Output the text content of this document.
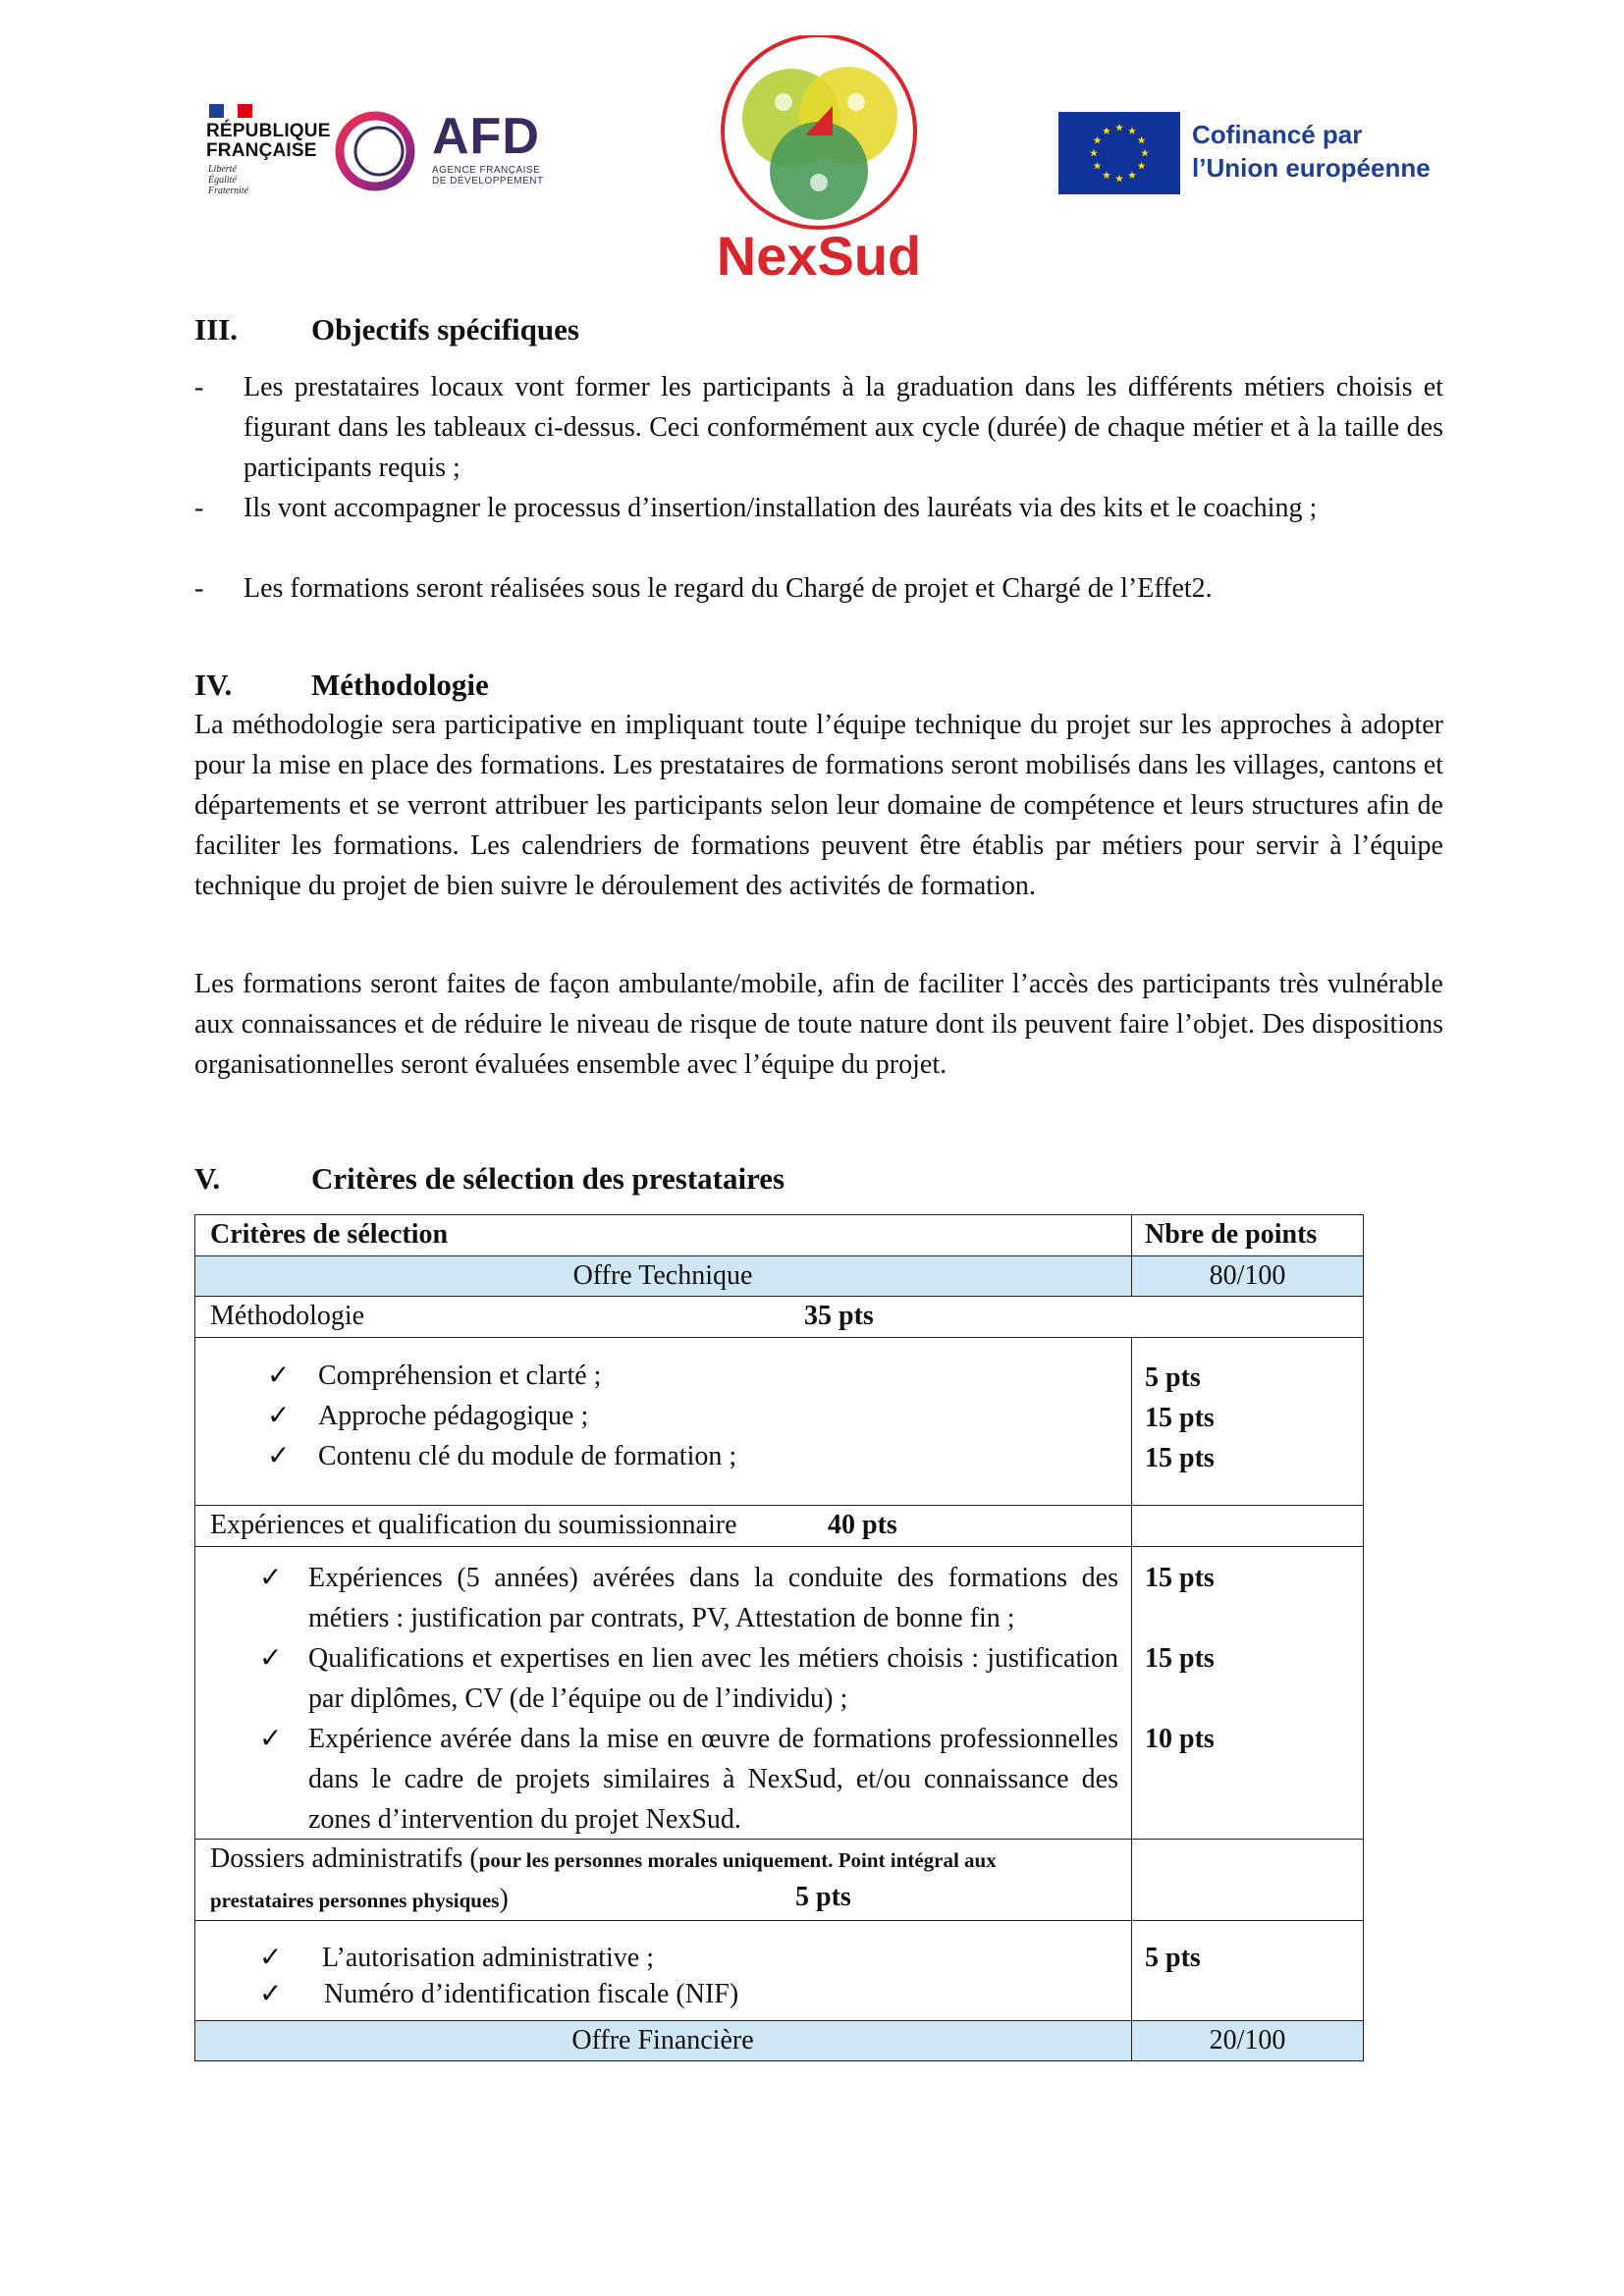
RÉPUBLIQUE
FRANÇAISE
Liberté
Égalité
Fraternité
AFD
AGENCE FRANÇAISE
DE DÉVELOPPEMENT
NexSud
Cofinancé par
l’Union européenne
III. Objectifs spécifiques
- Les prestataires locaux vont former les participants à la graduation dans les différents métiers choisis et figurant dans les tableaux ci-dessus. Ceci conformément aux cycle (durée) de chaque métier et à la taille des participants requis ;
- Ils vont accompagner le processus d’insertion/installation des lauréats via des kits et le coaching ;
- Les formations seront réalisées sous le regard du Chargé de projet et Chargé de l’Effet2.
IV.	Méthodologie
La méthodologie sera participative en impliquant toute l’équipe technique du projet sur les approches à adopter pour la mise en place des formations. Les prestataires de formations seront mobilisés dans les villages, cantons et départements et se verront attribuer les participants selon leur domaine de compétence et leurs structures afin de faciliter les formations. Les calendriers de formations peuvent être établis par métiers pour servir à l’équipe technique du projet de bien suivre le déroulement des activités de formation.
Les formations seront faites de façon ambulante/mobile, afin de faciliter l’accès des participants très vulnérable aux connaissances et de réduire le niveau de risque de toute nature dont ils peuvent faire l’objet. Des dispositions organisationnelles seront évaluées ensemble avec l’équipe du projet.
V.	Critères de sélection des prestataires
Critères de sélection	Nbre de points
Offre Technique	80/100
Méthodologie	35 pts
✓ Compréhension et clarté ;	5 pts
✓ Approche pédagogique ;	15 pts
✓ Contenu clé du module de formation ;	15 pts
Expériences et qualification du soumissionnaire	40 pts
✓ Expériences (5 années) avérées dans la conduite des formations des métiers : justification par contrats, PV, Attestation de bonne fin ;
15 pts
✓ Qualifications et expertises en lien avec les métiers choisis : justification par diplômes, CV (de l’équipe ou de l’individu) ;
15 pts
✓ Expérience avérée dans la mise en œuvre de formations professionnelles dans le cadre de projets similaires à NexSud, et/ou connaissance des zones d’intervention du projet NexSud.
10 pts
Dossiers administratifs (pour les personnes morales uniquement. Point intégral aux
prestataires personnes physiques)	5 pts
✓ L’autorisation administrative ;	5 pts
✓ Numéro d’identification fiscale (NIF)
Offre Financière	20/100
